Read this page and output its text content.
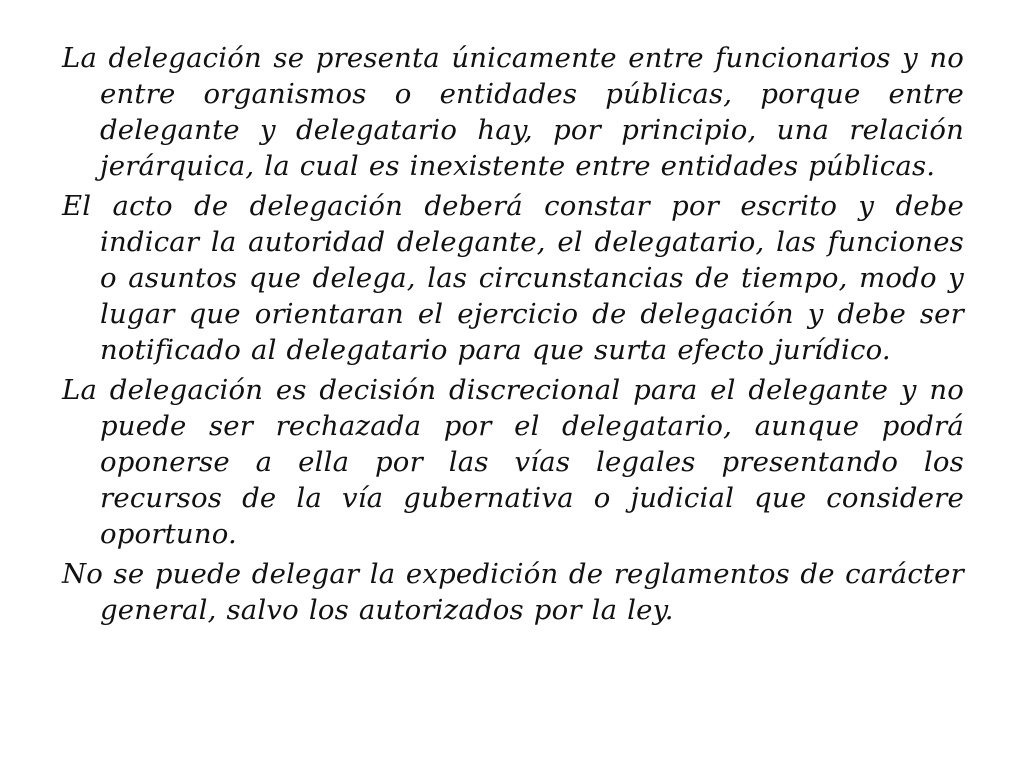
La delegación se presenta únicamente entre funcionarios y no entre organismos o entidades públicas, porque entre delegante y delegatario hay, por principio, una relación jerárquica, la cual es inexistente entre entidades públicas.

El acto de delegación deberá constar por escrito y debe indicar la autoridad delegante, el delegatario, las funciones o asuntos que delega, las circunstancias de tiempo, modo y lugar que orientaran el ejercicio de delegación y debe ser notificado al delegatario para que surta efecto jurídico.

La delegación es decisión discrecional para el delegante y no puede ser rechazada por el delegatario, aunque podrá oponerse a ella por las vías legales presentando los recursos de la vía gubernativa o judicial que considere oportuno.

No se puede delegar la expedición de reglamentos de carácter general, salvo los autorizados por la ley.
